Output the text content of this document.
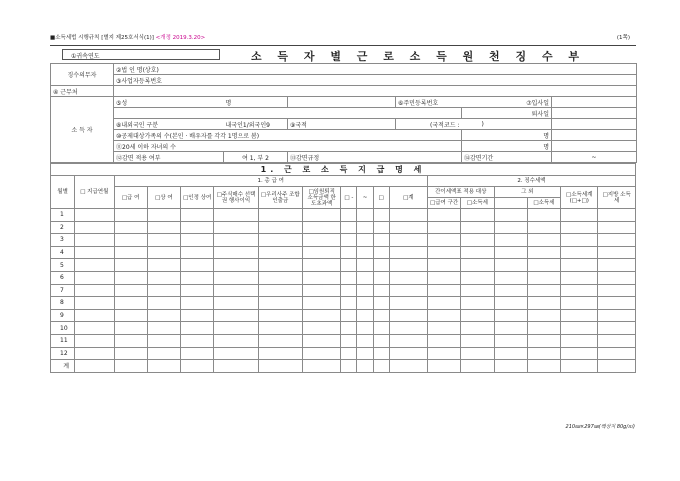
■소득세법 시행규칙 [별지 제25호서식(1)] <개정 2019.3.20>	(1쪽)
①귀속연도	소 득 자 별 근 로 소 득 원 천 징 수 부
징수의무자	②법 인 명(상호)					
	③사업자등록번호					
④ 근무처						
소 득 자	⑤성	명		⑥주민등록번호	⑦입사일	
					퇴사일	
	⑧내외국인 구분	내국인1/외국인9	⑨국적	(국적코드 :	)	
	⑩공제대상가족의 수(본인 · 배우자를 각각 1명으로 봄)				명	
	⑪20세 이하 자녀의 수				명	
	⑫감면 적용 여부	여 1, 부 2	⑬감면규정		⑭감면기간	~
1. 근 로 소 득 지 급 명 세																	
월별	□ 지급연월	1. 총 급 여										2. 징수세액					
		□급 여	□상 여	□인정 상여	□주식매수 선택권 행사이익	□우리사주 조합 인출금	□임원퇴직 소득금액 한도초과액	□ -	~	□	□계	간이세액표 적용 대상		그 외		□소득세계 (□+□)	□지방 소득세
												□급여 구간	□소득세		□소득세		
1																	
2																	
3																	
4																	
5																	
6																	
7																	
8																	
9																	
10																	
11																	
12																	
계																	
210㎜×297㎜(백상지 80g/㎡)
